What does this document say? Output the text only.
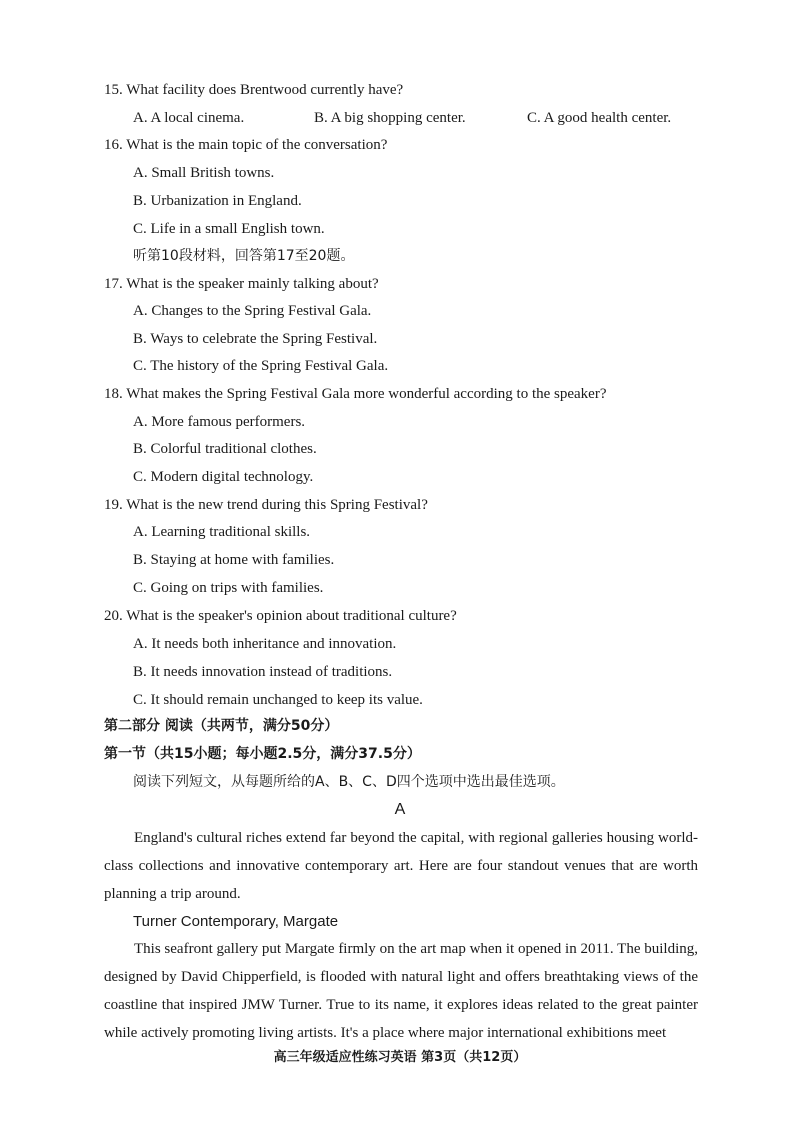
15. What facility does Brentwood currently have?
A. A local cinema.	B. A big shopping center.	C. A good health center.
16. What is the main topic of the conversation?
A. Small British towns.
B. Urbanization in England.
C. Life in a small English town.
听第10段材料，回答第17至20题。
17. What is the speaker mainly talking about?
A. Changes to the Spring Festival Gala.
B. Ways to celebrate the Spring Festival.
C. The history of the Spring Festival Gala.
18. What makes the Spring Festival Gala more wonderful according to the speaker?
A. More famous performers.
B. Colorful traditional clothes.
C. Modern digital technology.
19. What is the new trend during this Spring Festival?
A. Learning traditional skills.
B. Staying at home with families.
C. Going on trips with families.
20. What is the speaker's opinion about traditional culture?
A. It needs both inheritance and innovation.
B. It needs innovation instead of traditions.
C. It should remain unchanged to keep its value.
第二部分 阅读（共两节，满分50分）
第一节（共15小题；每小题2.5分，满分37.5分）
阅读下列短文，从每题所给的A、B、C、D四个选项中选出最佳选项。
A
England's cultural riches extend far beyond the capital, with regional galleries housing world-class collections and innovative contemporary art. Here are four standout venues that are worth planning a trip around.
Turner Contemporary, Margate
This seafront gallery put Margate firmly on the art map when it opened in 2011. The building, designed by David Chipperfield, is flooded with natural light and offers breathtaking views of the coastline that inspired JMW Turner. True to its name, it explores ideas related to the great painter while actively promoting living artists. It's a place where major international exhibitions meet
高三年级适应性练习英语 第3页（共12页）
